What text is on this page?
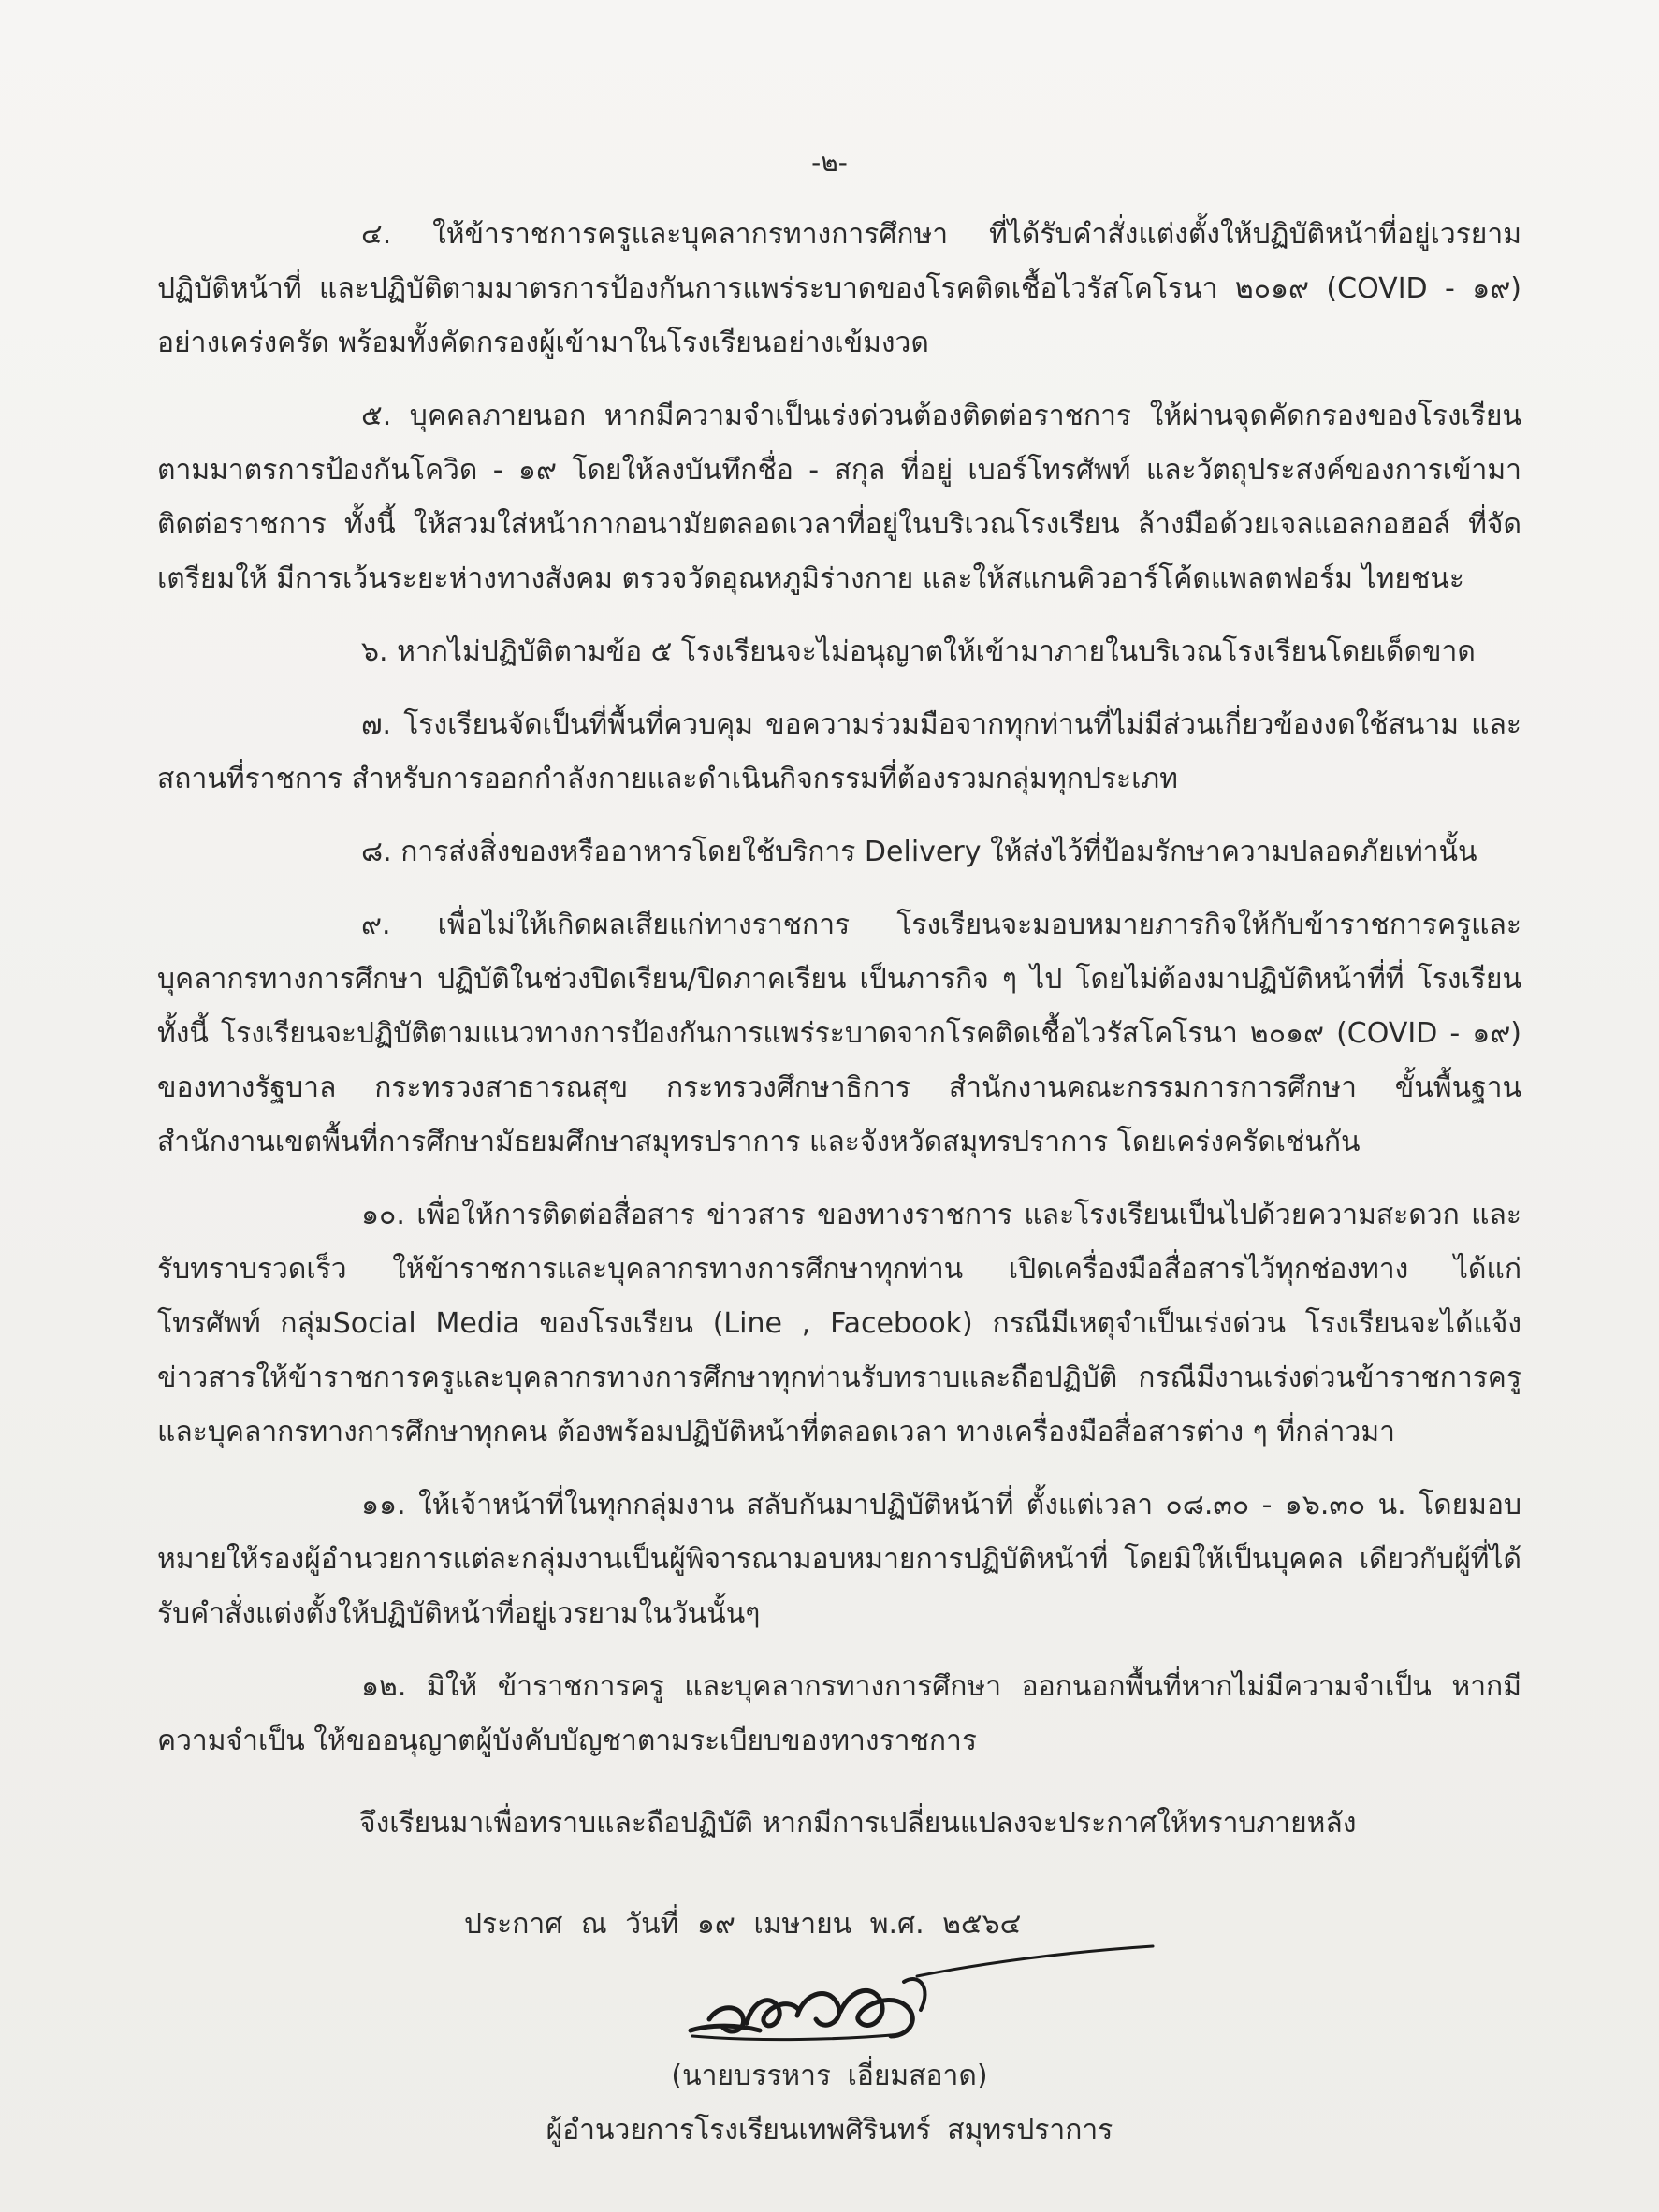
-๒-

๔. ให้ข้าราชการครูและบุคลากรทางการศึกษา ที่ได้รับคำสั่งแต่งตั้งให้ปฏิบัติหน้าที่อยู่เวรยาม ปฏิบัติหน้าที่ และปฏิบัติตามมาตรการป้องกันการแพร่ระบาดของโรคติดเชื้อไวรัสโคโรนา ๒๐๑๙ (COVID - ๑๙) อย่างเคร่งครัด พร้อมทั้งคัดกรองผู้เข้ามาในโรงเรียนอย่างเข้มงวด

๕. บุคคลภายนอก หากมีความจำเป็นเร่งด่วนต้องติดต่อราชการ ให้ผ่านจุดคัดกรองของโรงเรียน ตามมาตรการป้องกันโควิด - ๑๙ โดยให้ลงบันทึกชื่อ - สกุล ที่อยู่ เบอร์โทรศัพท์ และวัตถุประสงค์ของการเข้ามา ติดต่อราชการ ทั้งนี้ ให้สวมใส่หน้ากากอนามัยตลอดเวลาที่อยู่ในบริเวณโรงเรียน ล้างมือด้วยเจลแอลกอฮอล์ ที่จัดเตรียมให้ มีการเว้นระยะห่างทางสังคม ตรวจวัดอุณหภูมิร่างกาย และให้สแกนคิวอาร์โค้ดแพลตฟอร์ม ไทยชนะ

๖. หากไม่ปฏิบัติตามข้อ ๕ โรงเรียนจะไม่อนุญาตให้เข้ามาภายในบริเวณโรงเรียนโดยเด็ดขาด

๗. โรงเรียนจัดเป็นที่พื้นที่ควบคุม ขอความร่วมมือจากทุกท่านที่ไม่มีส่วนเกี่ยวข้องงดใช้สนาม และสถานที่ราชการ สำหรับการออกกำลังกายและดำเนินกิจกรรมที่ต้องรวมกลุ่มทุกประเภท

๘. การส่งสิ่งของหรืออาหารโดยใช้บริการ Delivery ให้ส่งไว้ที่ป้อมรักษาความปลอดภัยเท่านั้น

๙. เพื่อไม่ให้เกิดผลเสียแก่ทางราชการ โรงเรียนจะมอบหมายภารกิจให้กับข้าราชการครูและ บุคลากรทางการศึกษา ปฏิบัติในช่วงปิดเรียน/ปิดภาคเรียน เป็นภารกิจ ๆ ไป โดยไม่ต้องมาปฏิบัติหน้าที่ที่ โรงเรียน ทั้งนี้ โรงเรียนจะปฏิบัติตามแนวทางการป้องกันการแพร่ระบาดจากโรคติดเชื้อไวรัสโคโรนา ๒๐๑๙ (COVID - ๑๙) ของทางรัฐบาล กระทรวงสาธารณสุข กระทรวงศึกษาธิการ สำนักงานคณะกรรมการการศึกษา ขั้นพื้นฐาน สำนักงานเขตพื้นที่การศึกษามัธยมศึกษาสมุทรปราการ และจังหวัดสมุทรปราการ โดยเคร่งครัดเช่นกัน

๑๐. เพื่อให้การติดต่อสื่อสาร ข่าวสาร ของทางราชการ และโรงเรียนเป็นไปด้วยความสะดวก และรับทราบรวดเร็ว ให้ข้าราชการและบุคลากรทางการศึกษาทุกท่าน เปิดเครื่องมือสื่อสารไว้ทุกช่องทาง ได้แก่ โทรศัพท์ กลุ่มSocial Media ของโรงเรียน (Line , Facebook) กรณีมีเหตุจำเป็นเร่งด่วน โรงเรียนจะได้แจ้ง ข่าวสารให้ข้าราชการครูและบุคลากรทางการศึกษาทุกท่านรับทราบและถือปฏิบัติ กรณีมีงานเร่งด่วนข้าราชการครู และบุคลากรทางการศึกษาทุกคน ต้องพร้อมปฏิบัติหน้าที่ตลอดเวลา ทางเครื่องมือสื่อสารต่าง ๆ ที่กล่าวมา

๑๑. ให้เจ้าหน้าที่ในทุกกลุ่มงาน สลับกันมาปฏิบัติหน้าที่ ตั้งแต่เวลา ๐๘.๓๐ - ๑๖.๓๐ น. โดยมอบหมายให้รองผู้อำนวยการแต่ละกลุ่มงานเป็นผู้พิจารณามอบหมายการปฏิบัติหน้าที่ โดยมิให้เป็นบุคคล เดียวกับผู้ที่ได้รับคำสั่งแต่งตั้งให้ปฏิบัติหน้าที่อยู่เวรยามในวันนั้นๆ

๑๒. มิให้ ข้าราชการครู และบุคลากรทางการศึกษา ออกนอกพื้นที่หากไม่มีความจำเป็น หากมีความจำเป็น ให้ขออนุญาตผู้บังคับบัญชาตามระเบียบของทางราชการ

จึงเรียนมาเพื่อทราบและถือปฏิบัติ หากมีการเปลี่ยนแปลงจะประกาศให้ทราบภายหลัง
ประกาศ ณ วันที่ ๑๙ เมษายน พ.ศ. ๒๕๖๔
(นายบรรหาร เอี่ยมสอาด)
ผู้อำนวยการโรงเรียนเทพศิรินทร์ สมุทรปราการ
